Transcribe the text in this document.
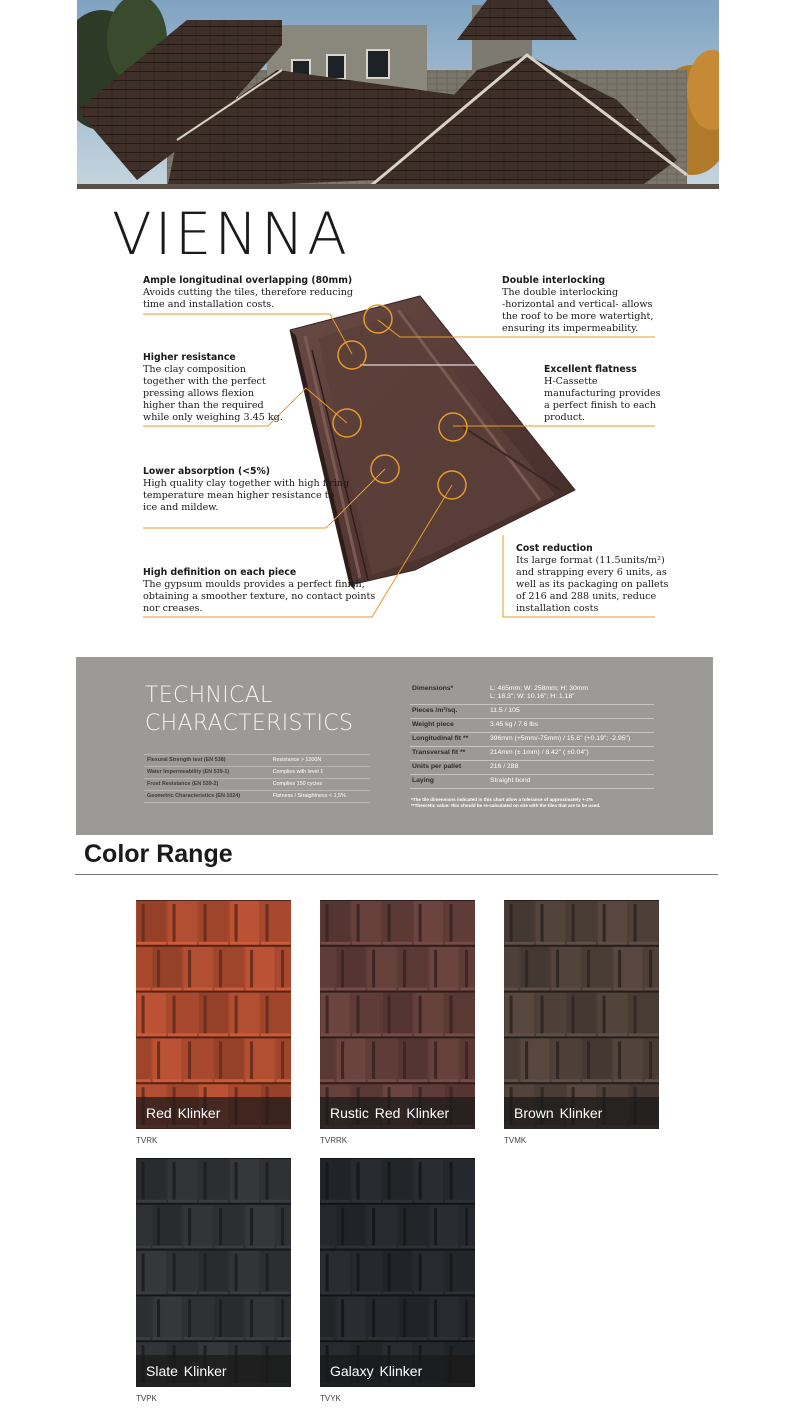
VIENNA
Ample longitudinal overlapping (80mm)
Avoids cutting the tiles, therefore reducing
time and installation costs.
Double interlocking
The double interlocking
-horizontal and vertical- allows
the roof to be more watertight,
ensuring its impermeability.
Higher resistance
The clay composition
together with the perfect
pressing allows flexion
higher than the required
while only weighing 3.45 kg.
Excellent flatness
H-Cassette
manufacturing provides
a perfect finish to each
product.
Lower absorption (<5%)
High quality clay together with high firing
temperature mean higher resistance to
ice and mildew.
High definition on each piece
The gypsum moulds provides a perfect finish,
obtaining a smoother texture, no contact points
nor creases.
Cost reduction
Its large format (11.5units/m²)
and strapping every 6 units, as
well as its packaging on pallets
of 216 and 288 units, reduce
installation costs
TECHNICAL
CHARACTERISTICS
Flexural Strength test (EN 538)	Resistance > 1200N
Water Impermeability (EN 539-1)	Complies with level 1
Frost Resistance (EN 539-2)	Complies 150 cycles
Geometric Characteristics (EN 1024)	Flatness / Straightness < 1,5%
Dimensions*	L: 465mm; W: 258mm; H: 30mm
L: 18.3"; W: 10.16"; H: 1.18"

Pieces /m²/sq.	11.5 / 105
Weight piece	3.45 kg / 7.6 lbs
Longitudinal fit **	396mm (+5mm/-75mm) / 15.6" (+0.19"; -2.95")
Transversal fit **	214mm (± 1mm) / 8.42" ( ±0.04")
Units per pallet	216 / 288
Laying	Straight bond
*The tile dimensions indicated in this chart allow a tolerance of approximately +-2%
**Theoretic value: this should be re-calculated on site with the tiles that are to be used.
Color Range
Red Klinker
TVRK
Rustic Red Klinker
TVRRK
Brown Klinker
TVMK
Slate Klinker
TVPK
Galaxy Klinker
TVYK
